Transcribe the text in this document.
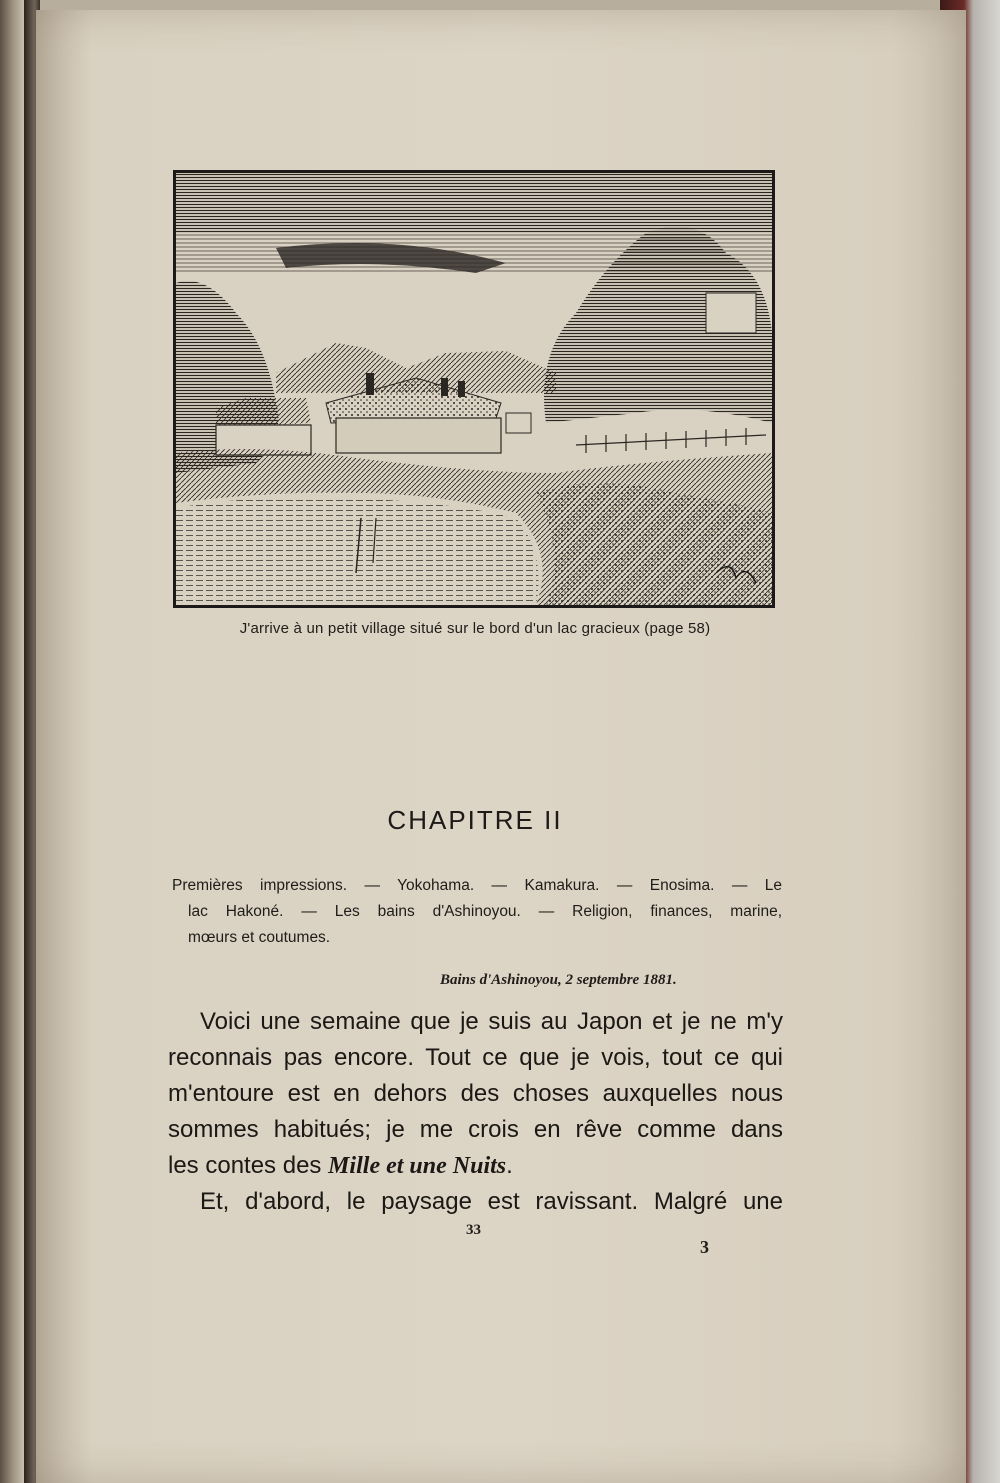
J'arrive à un petit village situé sur le bord d'un lac gracieux (page 58)
CHAPITRE II
Premières impressions. — Yokohama. — Kamakura. — Enosima. — Le
lac Hakoné. — Les bains d'Ashinoyou. — Religion, finances, marine,
mœurs et coutumes.
Bains d'Ashinoyou, 2 septembre 1881.
Voici une semaine que je suis au Japon et je ne m'y
reconnais pas encore. Tout ce que je vois, tout ce qui
m'entoure est en dehors des choses auxquelles nous
sommes habitués; je me crois en rêve comme dans
les contes des Mille et une Nuits.
Et, d'abord, le paysage est ravissant. Malgré une
33
3
